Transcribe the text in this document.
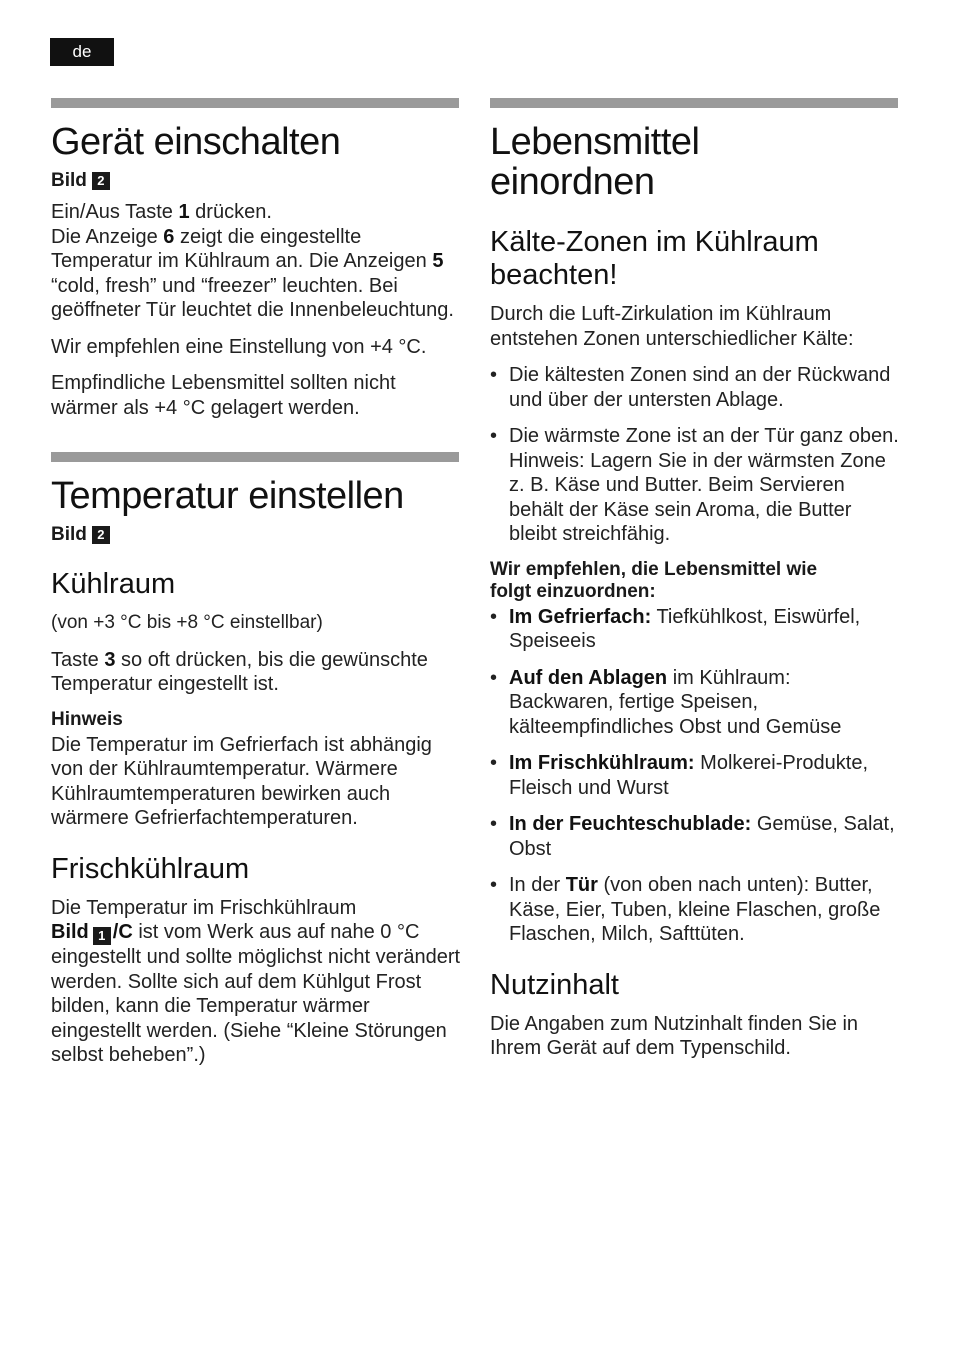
de
Gerät einschalten
Bild 2

Ein/Aus Taste 1 drücken.
Die Anzeige 6 zeigt die eingestellte Temperatur im Kühlraum an. Die Anzeigen 5 “cold, fresh” und “freezer” leuchten. Bei geöffneter Tür leuchtet die Innenbeleuchtung.

Wir empfehlen eine Einstellung von +4 °C.

Empfindliche Lebensmittel sollten nicht wärmer als +4 °C gelagert werden.

Temperatur einstellen
Bild 2
Kühlraum

(von +3 °C bis +8 °C einstellbar)

Taste 3 so oft drücken, bis die gewünschte Temperatur eingestellt ist.

Hinweis

Die Temperatur im Gefrierfach ist abhängig von der Kühlraumtemperatur. Wärmere Kühlraumtemperaturen bewirken auch wärmere Gefrierfachtemperaturen.

Frischkühlraum

Die Temperatur im Frischkühlraum
Bild 1 /C ist vom Werk aus auf nahe 0 °C eingestellt und sollte möglichst nicht verändert werden. Sollte sich auf dem Kühlgut Frost bilden, kann die Temperatur wärmer eingestellt werden. (Siehe “Kleine Störungen selbst beheben”.)

Lebensmittel einordnen
Kälte-Zonen im Kühlraum beachten!

Durch die Luft-Zirkulation im Kühlraum entstehen Zonen unterschiedlicher Kälte:

• Die kältesten Zonen sind an der Rückwand und über der untersten Ablage.
• Die wärmste Zone ist an der Tür ganz oben. Hinweis: Lagern Sie in der wärmsten Zone z. B. Käse und Butter. Beim Servieren behält der Käse sein Aroma, die Butter bleibt streichfähig.
Wir empfehlen, die Lebensmittel wie folgt einzuordnen:
• Im Gefrierfach: Tiefkühlkost, Eiswürfel, Speiseeis
• Auf den Ablagen im Kühlraum: Backwaren, fertige Speisen, kälteempfindliches Obst und Gemüse
• Im Frischkühlraum: Molkerei-Produkte, Fleisch und Wurst
• In der Feuchteschublade: Gemüse, Salat, Obst
• In der Tür (von oben nach unten): Butter, Käse, Eier, Tuben, kleine Flaschen, große Flaschen, Milch, Safttüten.
Nutzinhalt

Die Angaben zum Nutzinhalt finden Sie in Ihrem Gerät auf dem Typenschild.
